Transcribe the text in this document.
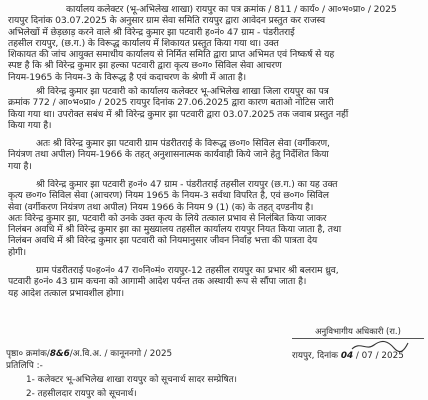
कार्यालय कलेक्टर (भू-अभिलेख शाखा) रायपुर का पत्र क्रमांक / 811 / कार्य० / आ०भ०प्रा० / 2025
रायपुर दिनांक 03.07.2025 के अनुसार ग्राम सेवा समिति रायपुर द्वारा आवेदन प्रस्तुत कर राजस्व
अभिलेखों में छेड़छाड़ करने वाले श्री विरेन्द्र कुमार झा पटवारी ह०नं० 47 ग्राम - पंडरीतराई
तहसील रायपुर, (छ.ग.) के विरूद्ध कार्यालय में शिकायत प्रस्तुत किया गया था। उक्त
शिकायत की जांच आयुक्त समाधीय कार्यालय से निर्मित समिति द्वारा प्राप्त अभिमत एवं निष्कर्ष से यह
स्पष्ट है कि श्री विरेन्द्र कुमार झा हल्का पटवारी द्वारा कृत्य छ०ग० सिविल सेवा आचरण
नियम-1965 के नियम-3 के विरूद्ध है एवं कदाचरण के श्रेणी में आता है।

श्री विरेन्द्र कुमार झा पटवारी को कार्यालय कलेक्टर भू-अभिलेख शाखा जिला रायपुर का पत्र
क्रमांक 772 / आ०भ०प्रा० / 2025 रायपुर दिनांक 27.06.2025 द्वारा कारण बताओ नोटिस जारी
किया गया था। उपरोक्त सबंध में श्री विरेन्द्र कुमार झा पटवारी द्वारा 03.07.2025 तक जवाब प्रस्तुत नहीं
किया गया है।

अतः श्री विरेन्द्र कुमार झा पटवारी ग्राम पंडरीतराई के विरूद्ध छ०ग० सिविल सेवा (वर्गीकरण,
नियंत्रण तथा अपील) नियम-1966 के तहत् अनुशासनात्मक कार्यवाही किये जाने हेतु निर्देशित किया
गया है।

श्री विरेन्द्र कुमार झा पटवारी ह०नं० 47 ग्राम - पंडरीतराई तहसील रायपुर (छ.ग.) का यह उक्त
कृत्य छ०ग० सिविल सेवा (आचरण) नियम 1965 के नियम-3 सर्वथा विपरित है, एवं छ०ग० सिविल
सेवा (वर्गीकरण नियंत्रण तथा अपील) नियम 1966 के नियम 9 (1) (क) के तहत् दण्डनीय है।
अतः विरेन्द्र कुमार झा, पटवारी को उनके उक्त कृत्य के लिये तत्काल प्रभाव से निलंबित किया जाकर
निलंबन अवधि में श्री विरेन्द्र कुमार झा का मुख्यालय तहसील कार्यालय रायपुर नियत किया जाता है, तथा
निलंबन अवधि में श्री विरेन्द्र कुमार झा पटवारी को नियमानुसार जीवन निर्वाह भत्ता की पात्रता देय
होगी।

ग्राम पंडरीतराई प०ह०नं० 47 रा०नि०मं० रायपुर-12 तहसील रायपुर का प्रभार श्री बलराम ध्रुव,
पटवारी ह०नं० 43 ग्राम कचना को आगामी आदेश पर्यन्त तक अस्थायी रूप से सौंपा जाता है।
यह आदेश तत्काल प्रभावशील होगा।

अनुविभागीय अधिकारी (रा.)
रायपुर, दिनांक 04 / 07 / 2025
पृष्ठा० क्रमांक/8&6/अ.वि.अ. / कानूननगो / 2025
प्रतिलिपि :-
1- कलेक्टर भू-अभिलेख शाखा रायपुर को सूचनार्थ सादर सम्प्रेषित।
2- तहसीलदार रायपुर को सूचनार्थ।
